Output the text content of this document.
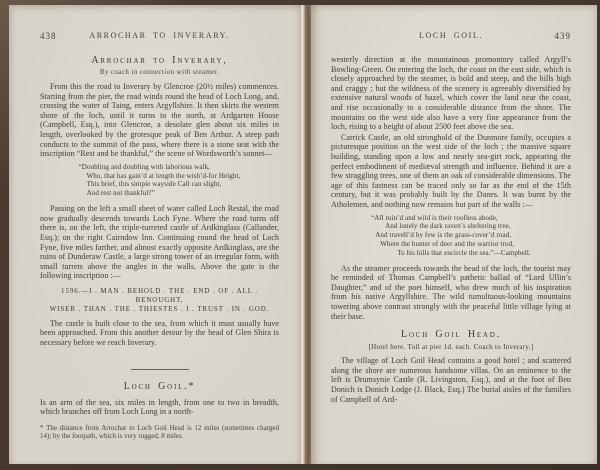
438	ARROCHAR TO INVERARY.
Arrochar to Inverary,
By coach in connection with steamer.

From this the road to Inverary by Glencroe (20½ miles) commences. Starting from the pier, the road winds round the head of Loch Long, and, crossing the water of Taing, enters Argyllshire. It then skirts the western shore of the loch, until it turns to the north, at Ardgarten House (Campbell, Esq.), into Glencroe, a desolate glen about six miles in length, overlooked by the grotesque peak of Ben Arthur. A steep path conducts to the summit of the pass, where there is a stone seat with the inscription “Rest and be thankful,” the scene of Wordsworth’s sonnet—

“Doubling and doubling with laborious walk,
Who, that has gain’d at length the wish’d-for Height,
This brief, this simple wayside Call can slight,
And rest not thankful?”

Passing on the left a small sheet of water called Loch Restal, the road now gradually descends towards Loch Fyne. Where the road turns off there is, on the left, the triple-turreted castle of Ardkinglass (Callander, Esq.); on the right Cairndow Inn. Continuing round the head of Loch Fyne, five miles farther, and almost exactly opposite Ardkinglass, are the ruins of Dunderaw Castle, a large strong tower of an irregular form, with small turrets above the angles in the walls. Above the gate is the following inscription :—

1596.—I . MAN . BEHOLD . THE . END . OF . ALL . BENOUGHT,
WISER . THAN . THE . THIESTES . I . TRUST . IN . GOD.

The castle is built close to the sea, from which it must usually have been approached. From this another detour by the head of Glen Shira is necessary before we reach Inverary.

Loch Goil.*

Is an arm of the sea, six miles in length, from one to two in breadth, which branches off from Loch Long in a north-

* The distance from Arrochar to Loch Goil Head is 12 miles (sometimes charged 14); by the footpath, which is very rugged, 8 miles.

LOCH GOIL.	439

westerly direction at the mountainous promontory called Argyll’s Bowling-Green. On entering the loch, the coast on the east side, which is closely approached by the steamer, is bold and steep, and the hills high and craggy ; but the wildness of the scenery is agreeably diversified by extensive natural woods of hazel, which cover the land near the coast, and rise occasionally to a considerable distance from the shore. The mountains on the west side also have a very fine appearance from the loch, rising to a height of about 2500 feet above the sea.

Carrick Castle, an old stronghold of the Dunmore family, occupies a picturesque position on the west side of the loch ; the massive square building, standing upon a low and nearly sea-girt rock, appearing the perfect embodiment of mediæval strength and influence. Behind it are a few straggling trees, one of them an oak of considerable dimensions. The age of this fastness can be traced only so far as the end of the 15th century, but it was probably built by the Danes. It was burnt by the Atholemen, and nothing now remains but part of the walls :—

“All ruin’d and wild is their roofless abode,
And lonely the dark raven’s sheltering tree,
And travell’d by few is the grass-cover’d road,
Where the hunter of deer and the warrior trod,
To his hills that encircle the sea.”—Campbell.

As the steamer proceeds towards the head of the loch, the tourist may be reminded of Thomas Campbell’s pathetic ballad of “Lord Ullin’s Daughter,” and of the poet himself, who drew much of his inspiration from his native Argyllshire. The wild tumultuous-looking mountains towering above contrast strongly with the peaceful little village lying at their base.

Loch Goil Head.
[Hotel here. Toll at pier 1d. each. Coach to Inverary.]

The village of Loch Goil Head contains a good hotel ; and scattered along the shore are numerous handsome villas. On an eminence to the left is Drumsynie Castle (R. Livingston, Esq.), and at the foot of Ben Donich is Donich Lodge (J. Black, Esq.) The burial aisles of the families of Campbell of Ard-
